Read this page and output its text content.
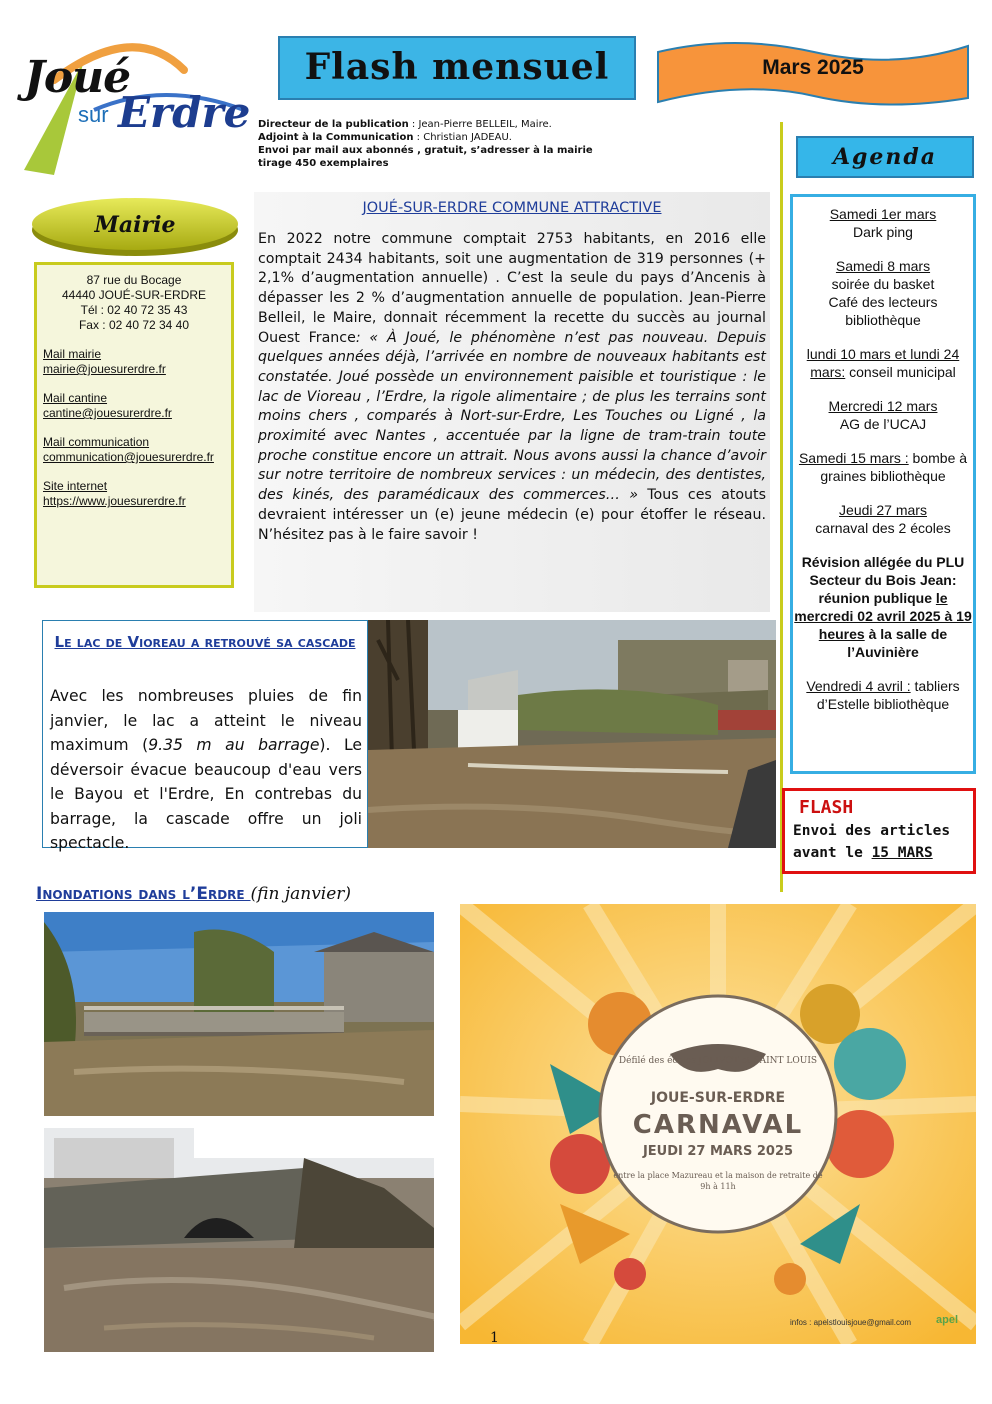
Joué
sur Erdre
Flash mensuel	Mars 2025
Directeur de la publication : Jean-Pierre BELLEIL, Maire.
Adjoint à la Communication : Christian JADEAU.
Envoi par mail aux abonnés , gratuit, s’adresser à la mairie
tirage 450 exemplaires
Mairie
87 rue du Bocage
44440 JOUÉ-SUR-ERDRE
Tél : 02 40 72 35 43
Fax : 02 40 72 34 40
Mail mairie
mairie@jouesurerdre.fr
Mail cantine
cantine@jouesurerdre.fr
Mail communication
communication@jouesurerdre.fr
Site internet
https://www.jouesurerdre.fr
JOUÉ-SUR-ERDRE COMMUNE ATTRACTIVE
En 2022 notre commune comptait 2753 habitants, en 2016 elle comptait 2434 habitants, soit une augmentation de 319 personnes (+ 2,1% d’augmentation annuelle) . C’est la seule du pays d’Ancenis à dépasser les 2 % d’augmentation annuelle de population. Jean-Pierre Belleil, le Maire, donnait récemment la recette du succès au journal Ouest France: « À Joué, le phénomène n’est pas nouveau. Depuis quelques années déjà, l’arrivée en nombre de nouveaux habitants est constatée. Joué possède un environnement paisible et touristique : le lac de Vioreau , l’Erdre, la rigole alimentaire ; de plus les terrains sont moins chers , comparés à Nort-sur-Erdre, Les Touches ou Ligné , la proximité avec Nantes , accentuée par la ligne de tram-train toute proche constitue encore un attrait. Nous avons aussi la chance d’avoir sur notre territoire de nombreux services : un médecin, des dentistes, des kinés, des paramédicaux des commerces… » Tous ces atouts devraient intéresser un (e) jeune médecin (e) pour étoffer le réseau. N’hésitez pas à le faire savoir !
Agenda
Samedi 1er mars
Dark ping
Samedi 8 mars
soirée du basket
Café des lecteurs
bibliothèque
lundi 10 mars et lundi 24 mars: conseil municipal
Mercredi 12 mars
AG de l’UCAJ
Samedi 15 mars : bombe à graines bibliothèque
Jeudi 27 mars
carnaval des 2 écoles
Révision allégée du PLU Secteur du Bois Jean: réunion publique le mercredi 02 avril 2025 à 19 heures à la salle de l’Auvinière
Vendredi 4 avril : tabliers d’Estelle bibliothèque
FLASH
Envoi des articles
avant le 15 MARS
Le lac de Vioreau a retrouvé sa cascade
Avec les nombreuses pluies de fin janvier, le lac a atteint le niveau maximum (9.35 m au barrage). Le déversoir évacue beaucoup d'eau vers le Bayou et l'Erdre, En contrebas du barrage, la cascade offre un joli spectacle.
Inondations dans l’Erdre (fin janvier)
Défilé des écoles JOLIVOT et SAINT LOUIS
JOUE-SUR-ERDRE
CARNAVAL
JEUDI 27 MARS 2025
entre la place Mazureau et la maison de retraite de 9h à 11h
infos : apelstlouisjoue@gmail.com apel
1
